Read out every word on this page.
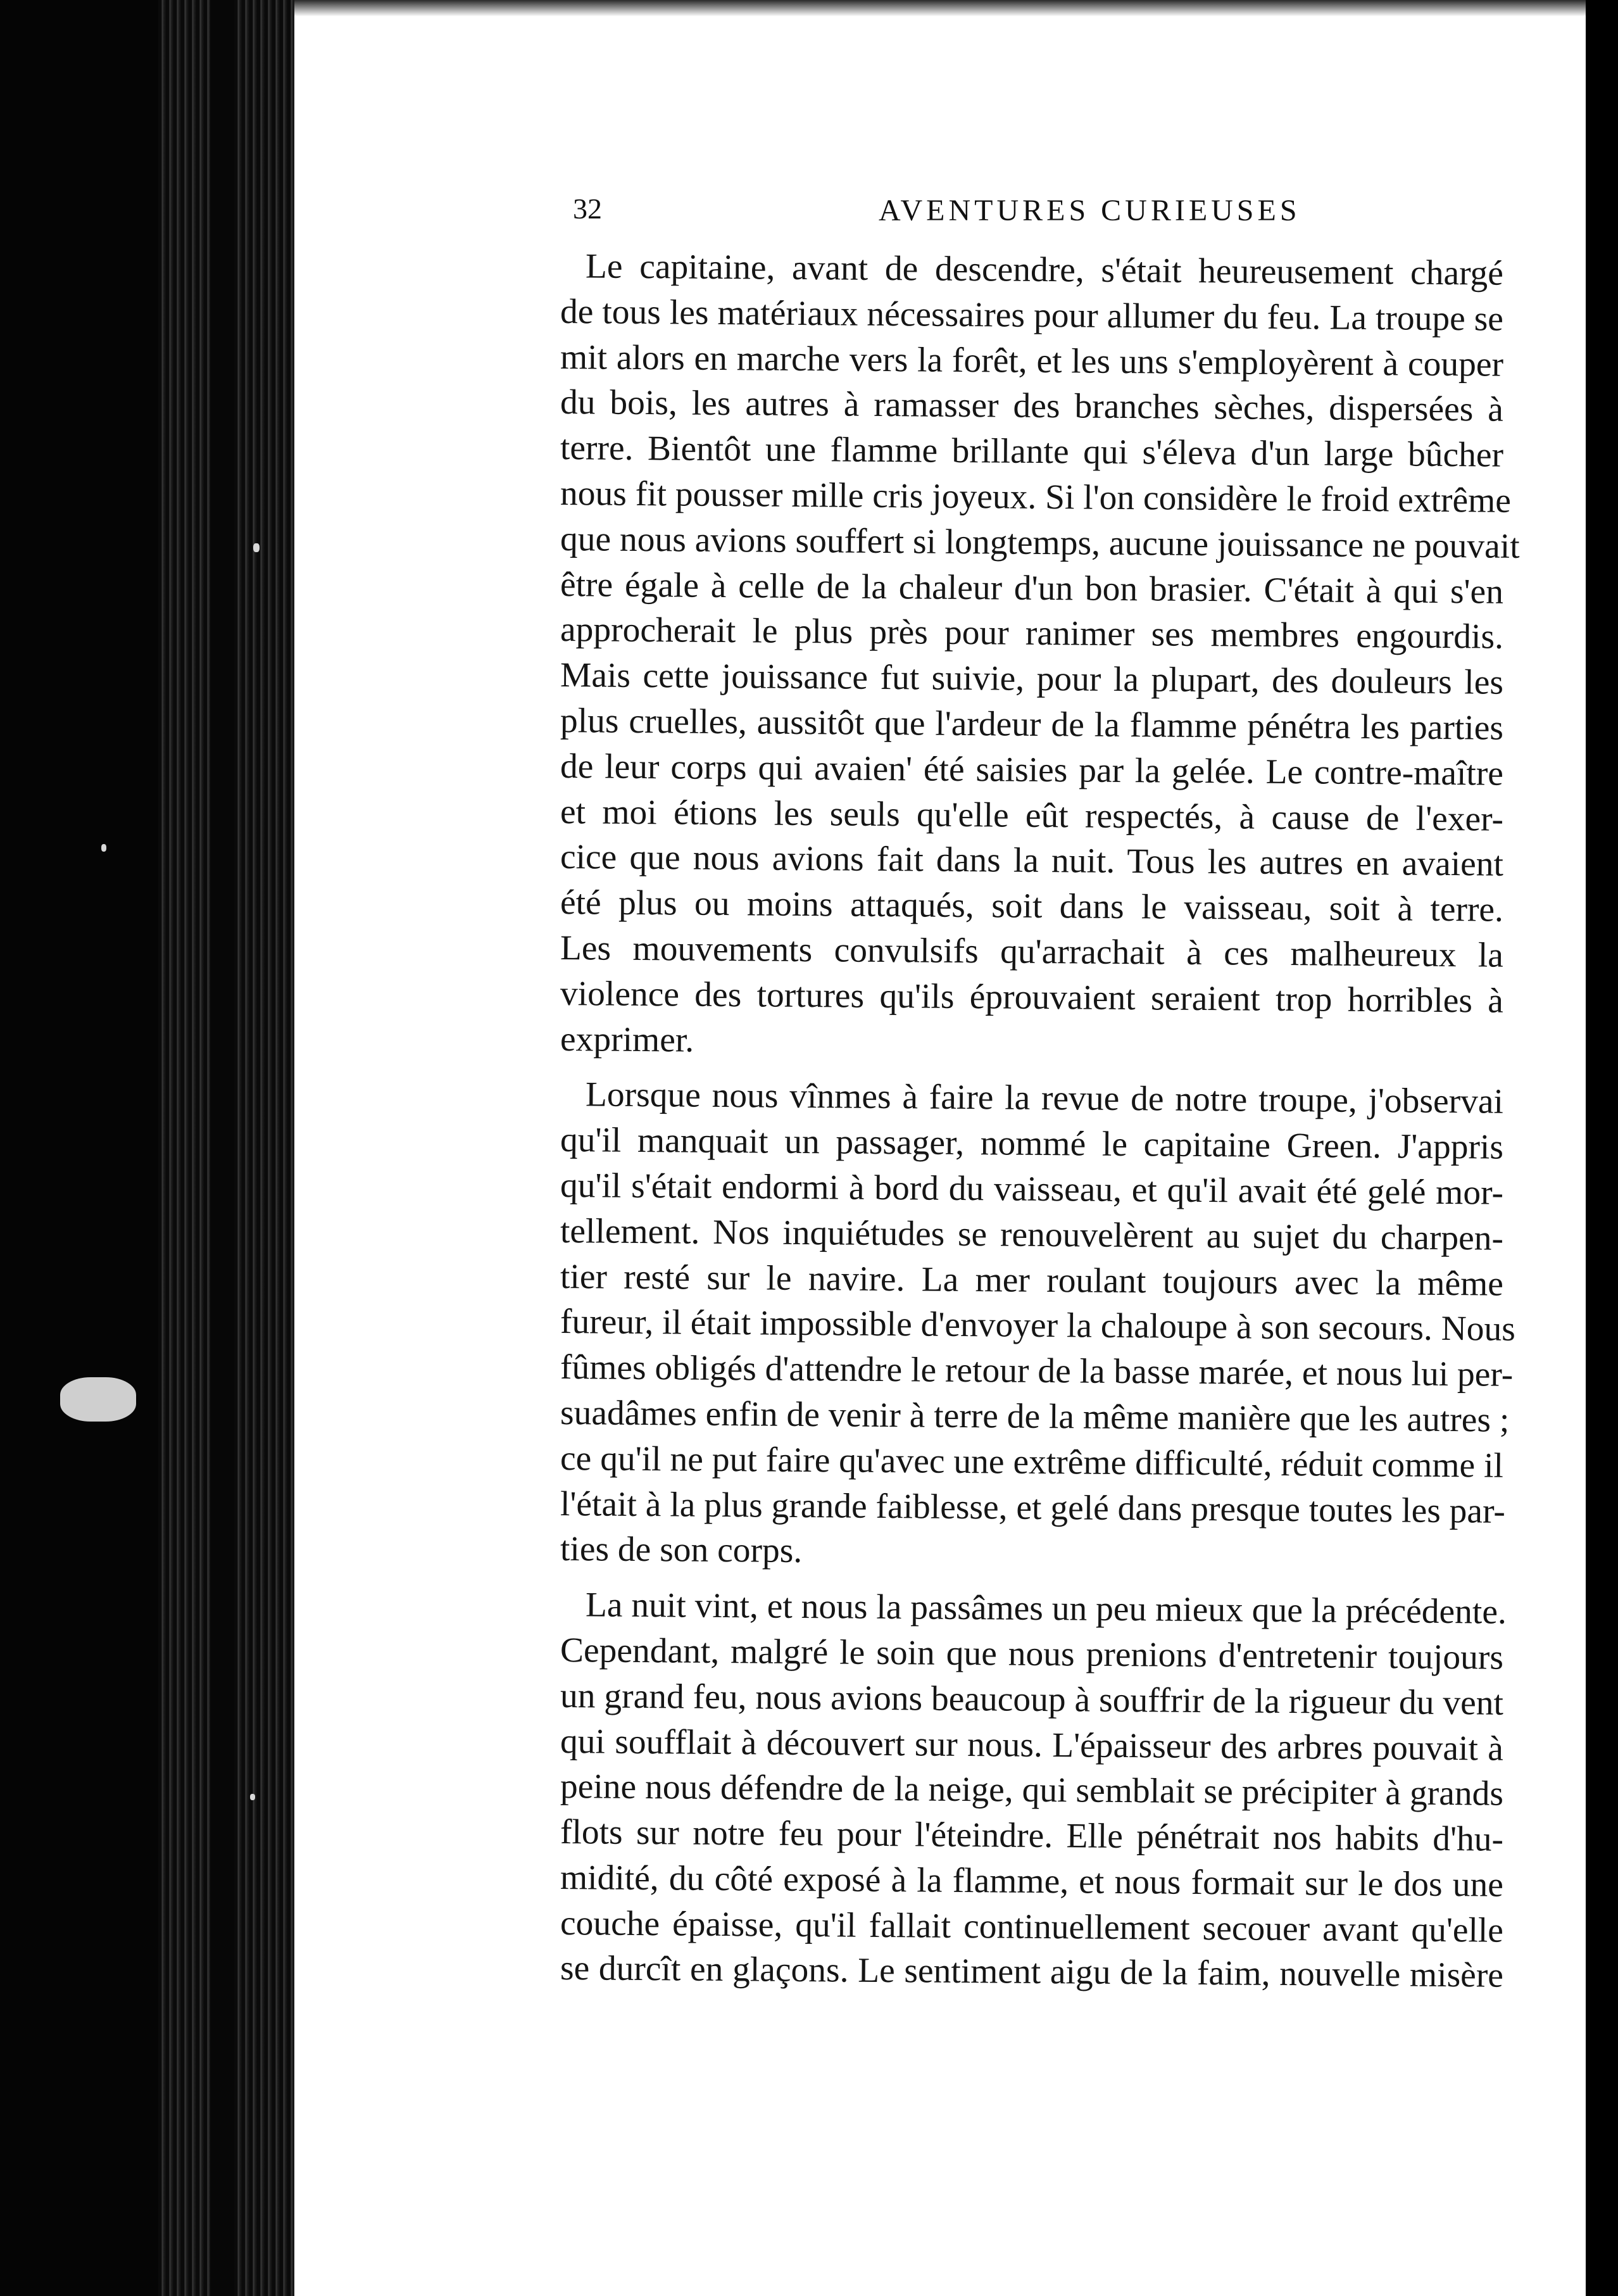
32	AVENTURES CURIEUSES
Le capitaine, avant de descendre, s'était heureusement chargé
de tous les matériaux nécessaires pour allumer du feu. La troupe se
mit alors en marche vers la forêt, et les uns s'employèrent à couper
du bois, les autres à ramasser des branches sèches, dispersées à
terre. Bientôt une flamme brillante qui s'éleva d'un large bûcher
nous fit pousser mille cris joyeux. Si l'on considère le froid extrême
que nous avions souffert si longtemps, aucune jouissance ne pouvait
être égale à celle de la chaleur d'un bon brasier. C'était à qui s'en
approcherait le plus près pour ranimer ses membres engourdis.
Mais cette jouissance fut suivie, pour la plupart, des douleurs les
plus cruelles, aussitôt que l'ardeur de la flamme pénétra les parties
de leur corps qui avaien' été saisies par la gelée. Le contre-maître
et moi étions les seuls qu'elle eût respectés, à cause de l'exer-
cice que nous avions fait dans la nuit. Tous les autres en avaient
été plus ou moins attaqués, soit dans le vaisseau, soit à terre.
Les mouvements convulsifs qu'arrachait à ces malheureux la
violence des tortures qu'ils éprouvaient seraient trop horribles à
exprimer.
Lorsque nous vînmes à faire la revue de notre troupe, j'observai
qu'il manquait un passager, nommé le capitaine Green. J'appris
qu'il s'était endormi à bord du vaisseau, et qu'il avait été gelé mor-
tellement. Nos inquiétudes se renouvelèrent au sujet du charpen-
tier resté sur le navire. La mer roulant toujours avec la même
fureur, il était impossible d'envoyer la chaloupe à son secours. Nous
fûmes obligés d'attendre le retour de la basse marée, et nous lui per-
suadâmes enfin de venir à terre de la même manière que les autres ;
ce qu'il ne put faire qu'avec une extrême difficulté, réduit comme il
l'était à la plus grande faiblesse, et gelé dans presque toutes les par-
ties de son corps.
La nuit vint, et nous la passâmes un peu mieux que la précédente.
Cependant, malgré le soin que nous prenions d'entretenir toujours
un grand feu, nous avions beaucoup à souffrir de la rigueur du vent
qui soufflait à découvert sur nous. L'épaisseur des arbres pouvait à
peine nous défendre de la neige, qui semblait se précipiter à grands
flots sur notre feu pour l'éteindre. Elle pénétrait nos habits d'hu-
midité, du côté exposé à la flamme, et nous formait sur le dos une
couche épaisse, qu'il fallait continuellement secouer avant qu'elle
se durcît en glaçons. Le sentiment aigu de la faim, nouvelle misère
